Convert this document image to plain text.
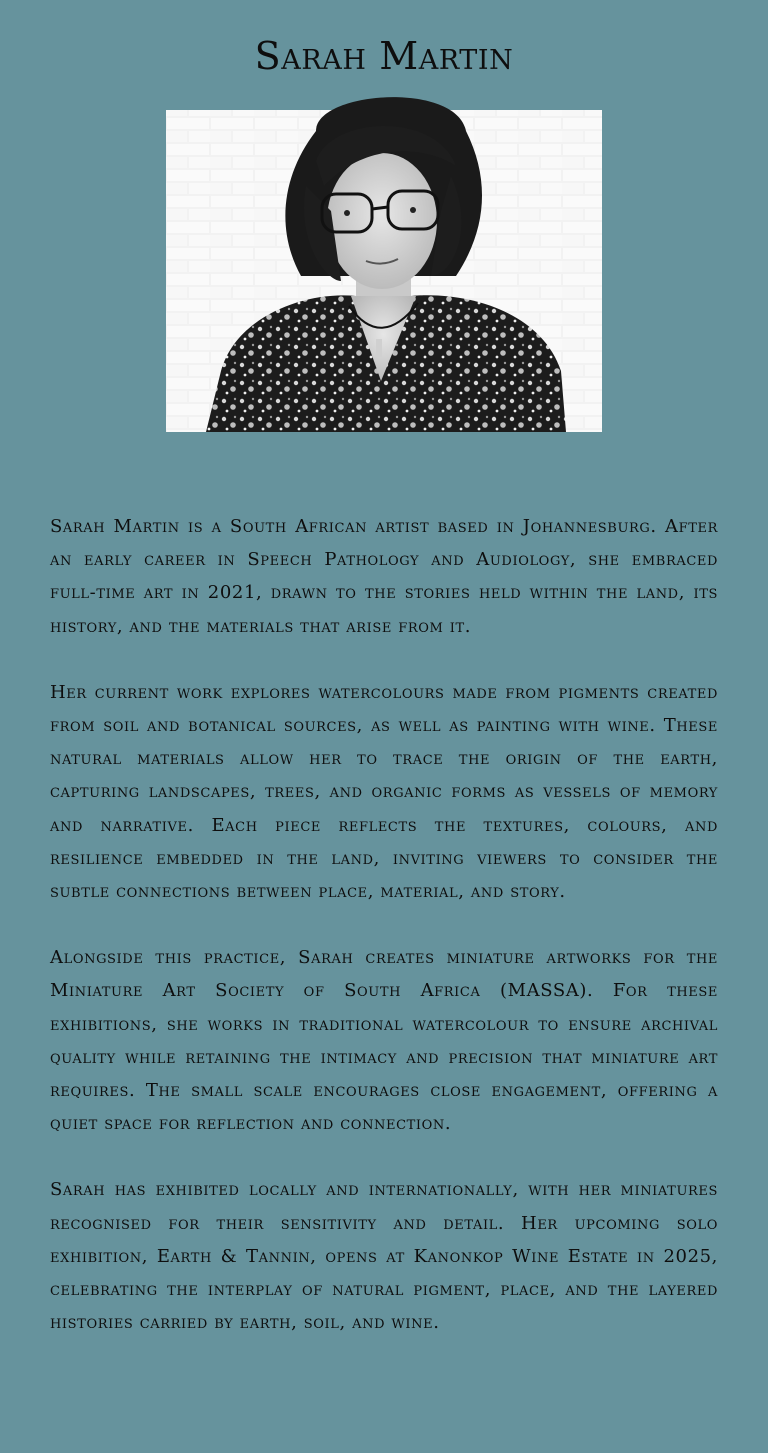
Sarah Martin

Sarah Martin is a South African artist based in Johannesburg. After an early career in Speech Pathology and Audiology, she embraced full-time art in 2021, drawn to the stories held within the land, its history, and the materials that arise from it.

Her current work explores watercolours made from pigments created from soil and botanical sources, as well as painting with wine. These natural materials allow her to trace the origin of the earth, capturing landscapes, trees, and organic forms as vessels of memory and narrative. Each piece reflects the textures, colours, and resilience embedded in the land, inviting viewers to consider the subtle connections between place, material, and story.

Alongside this practice, Sarah creates miniature artworks for the Miniature Art Society of South Africa (MASSA). For these exhibitions, she works in traditional watercolour to ensure archival quality while retaining the intimacy and precision that miniature art requires. The small scale encourages close engagement, offering a quiet space for reflection and connection.

Sarah has exhibited locally and internationally, with her miniatures recognised for their sensitivity and detail. Her upcoming solo exhibition, Earth & Tannin, opens at Kanonkop Wine Estate in 2025, celebrating the interplay of natural pigment, place, and the layered histories carried by earth, soil, and wine.
